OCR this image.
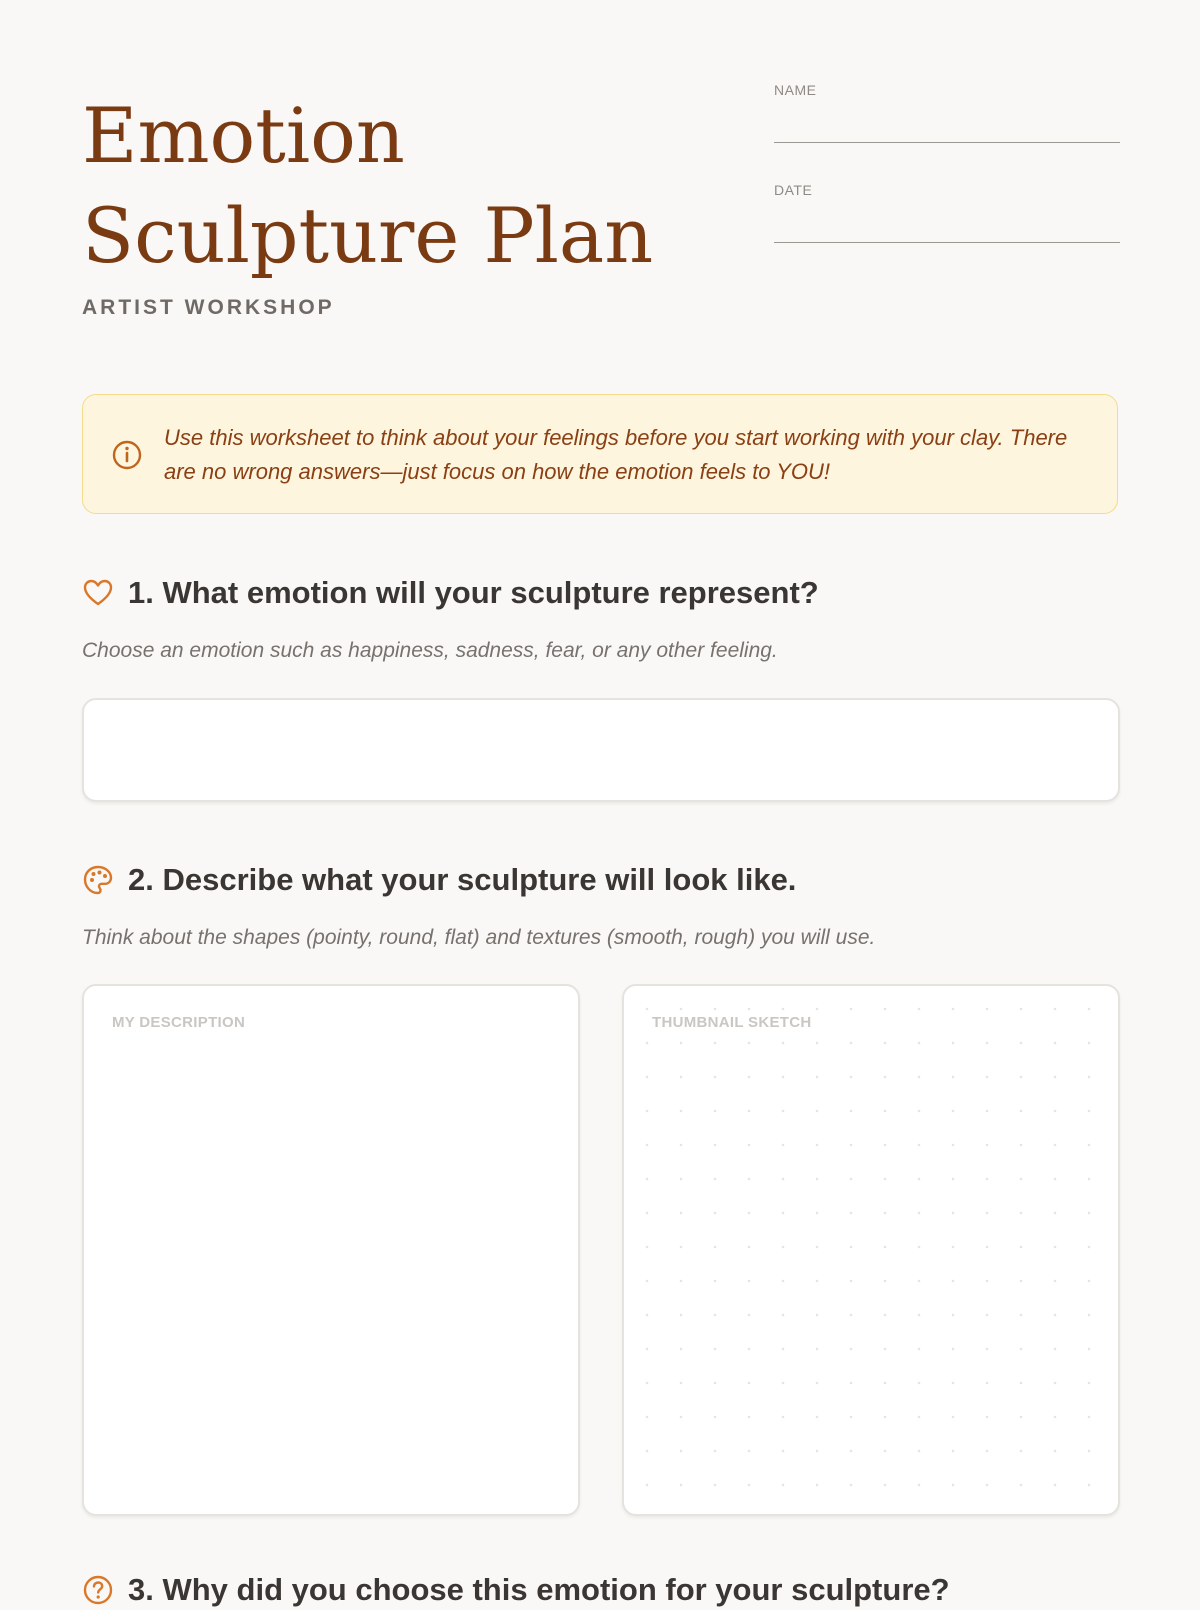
Emotion Sculpture Plan
ARTIST WORKSHOP
NAME
DATE
Use this worksheet to think about your feelings before you start working with your clay. There are no wrong answers—just focus on how the emotion feels to YOU!
1. What emotion will your sculpture represent?
Choose an emotion such as happiness, sadness, fear, or any other feeling.
2. Describe what your sculpture will look like.
Think about the shapes (pointy, round, flat) and textures (smooth, rough) you will use.
MY DESCRIPTION	THUMBNAIL SKETCH
3. Why did you choose this emotion for your sculpture?
